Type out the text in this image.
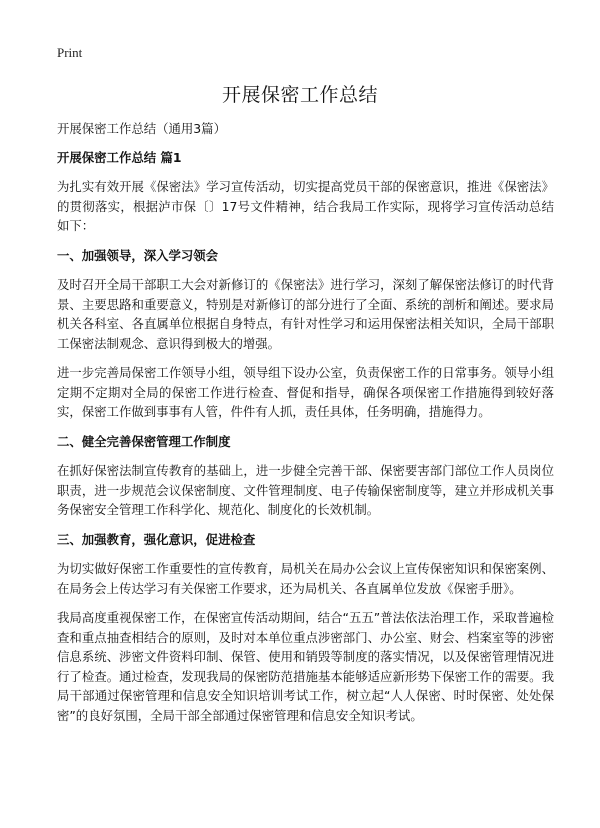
Print
开展保密工作总结

开展保密工作总结（通用3篇）

开展保密工作总结 篇1

为扎实有效开展《保密法》学习宣传活动，切实提高党员干部的保密意识，推进《保密法》的贯彻落实，根据泸市保〔〕17号文件精神，结合我局工作实际，现将学习宣传活动总结如下：

一、加强领导，深入学习领会

及时召开全局干部职工大会对新修订的《保密法》进行学习，深刻了解保密法修订的时代背景、主要思路和重要意义，特别是对新修订的部分进行了全面、系统的剖析和阐述。要求局机关各科室、各直属单位根据自身特点，有针对性学习和运用保密法相关知识，全局干部职工保密法制观念、意识得到极大的增强。

进一步完善局保密工作领导小组，领导组下设办公室，负责保密工作的日常事务。领导小组定期不定期对全局的保密工作进行检查、督促和指导，确保各项保密工作措施得到较好落实，保密工作做到事事有人管，件件有人抓，责任具体，任务明确，措施得力。

二、健全完善保密管理工作制度

在抓好保密法制宣传教育的基础上，进一步健全完善干部、保密要害部门部位工作人员岗位职责，进一步规范会议保密制度、文件管理制度、电子传输保密制度等，建立并形成机关事务保密安全管理工作科学化、规范化、制度化的长效机制。

三、加强教育，强化意识，促进检查

为切实做好保密工作重要性的宣传教育，局机关在局办公会议上宣传保密知识和保密案例、在局务会上传达学习有关保密工作要求，还为局机关、各直属单位发放《保密手册》。

我局高度重视保密工作，在保密宣传活动期间，结合“五五”普法依法治理工作，采取普遍检查和重点抽查相结合的原则，及时对本单位重点涉密部门、办公室、财会、档案室等的涉密信息系统、涉密文件资料印制、保管、使用和销毁等制度的落实情况，以及保密管理情况进行了检查。通过检查，发现我局的保密防范措施基本能够适应新形势下保密工作的需要。我局干部通过保密管理和信息安全知识培训考试工作，树立起“人人保密、时时保密、处处保密”的良好氛围，全局干部全部通过保密管理和信息安全知识考试。
